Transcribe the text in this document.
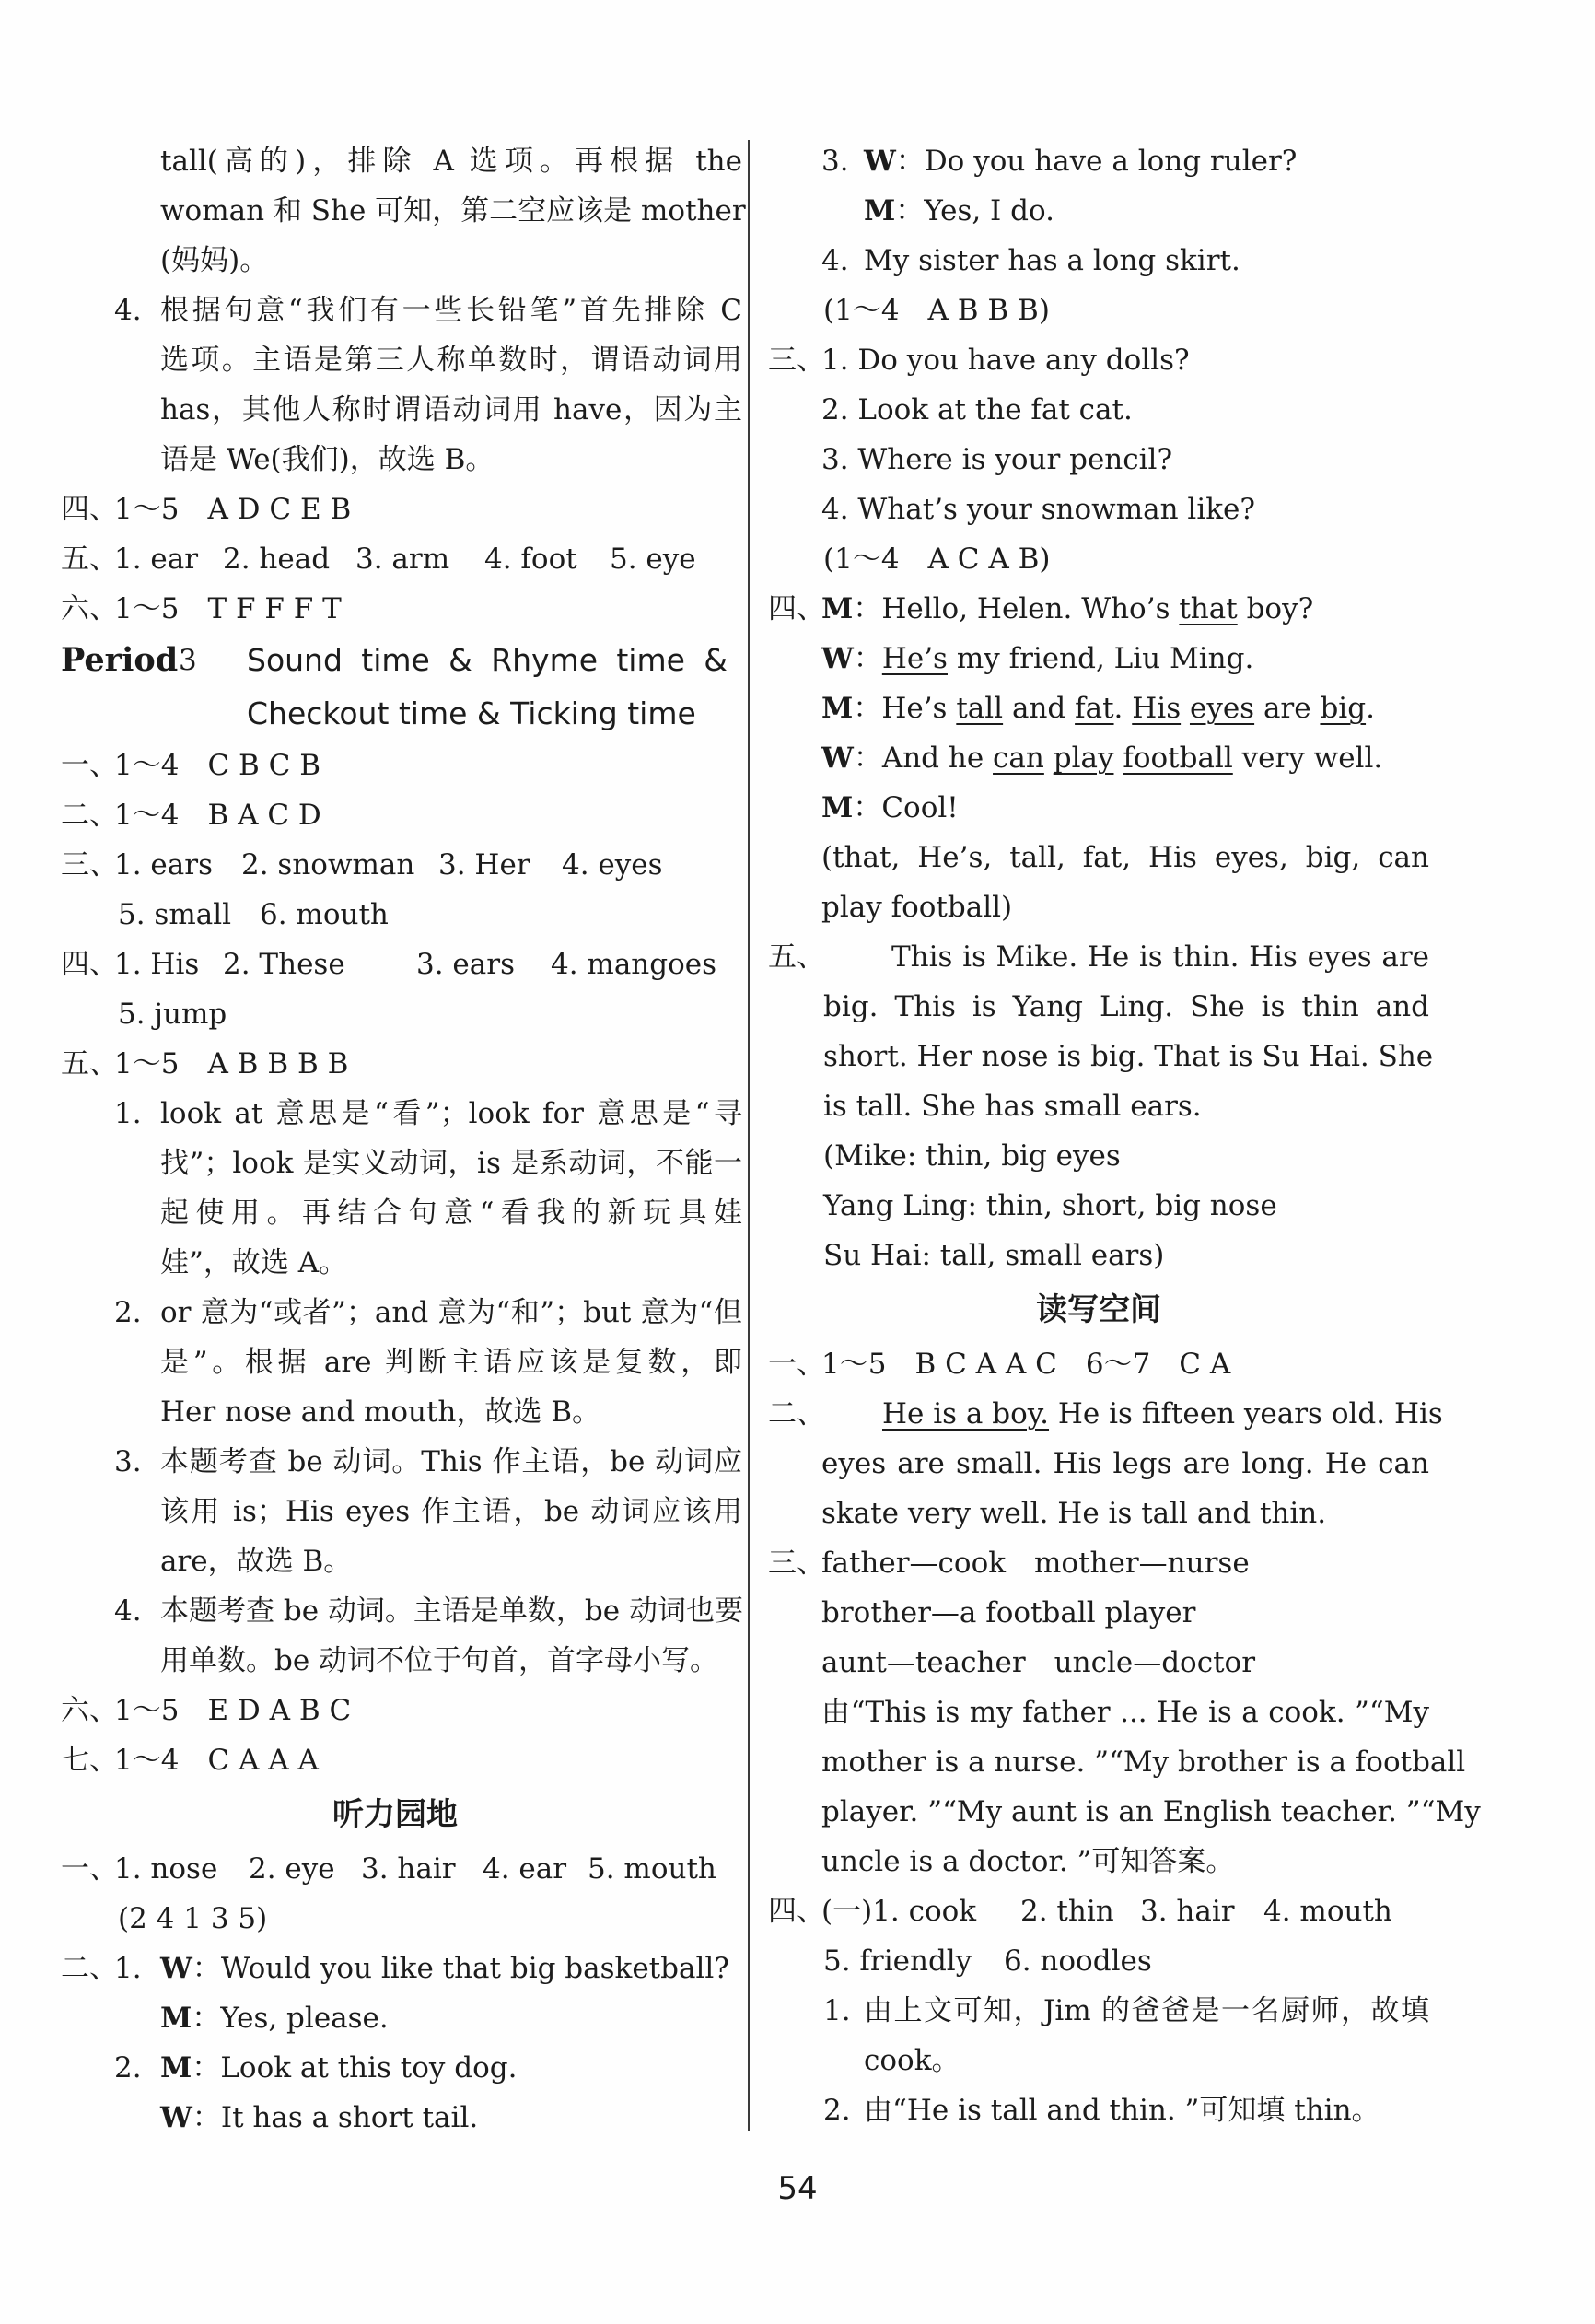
tall(高的)，排除 A 选项。再根据 the
woman 和 She 可知，第二空应该是 mother
(妈妈)。
4. 根据句意“我们有一些长铅笔”首先排除 C
选项。主语是第三人称单数时，谓语动词用
has，其他人称时谓语动词用 have，因为主
语是 We(我们)，故选 B。
四、
1～5　A D C E B
五、

1. ear

2. head

3. arm

4. foot

5. eye

六、
1～5　T F F F T

Period

3

Sound time & Rhyme time &

Checkout time & Ticking time
一、
1～4　C B C B
二、
1～4　B A C D
三、

1. ears

2. snowman

3. Her

4. eyes

5. small

6. mouth

四、

1. His

2. These

3. ears

4. mangoes

5. jump
五、
1～5　A B B B B
1. look at 意思是“看”；look for 意思是“寻
找”；look 是实义动词，is 是系动词，不能一
起使用。再结合句意“看我的新玩具娃
娃”，故选 A。
2. or 意为“或者”；and 意为“和”；but 意为“但
是”。根据 are 判断主语应该是复数，即
Her nose and mouth，故选 B。
3. 本题考查 be 动词。This 作主语，be 动词应
该用 is；His eyes 作主语，be 动词应该用
are，故选 B。
4. 本题考查 be 动词。主语是单数，be 动词也要
用单数。be 动词不位于句首，首字母小写。
六、
1～5　E D A B C
七、
1～4　C A A A
听力园地
一、

1. nose

2. eye

3. hair

4. ear

5. mouth

(2 4 1 3 5)
二、

1.

W：Would you like that big basketball?

M：Yes, please.
2.

M：Look at this toy dog.

W：It has a short tail.
3.

W：Do you have a long ruler?

M：Yes, I do.
4. My sister has a long skirt.
(1～4　A B B B)
三、
1. Do you have any dolls?
2. Look at the fat cat.
3. Where is your pencil?
4. What’s your snowman like?
(1～4　A C A B)
四、

M：Hello, Helen. Who’s that boy?

W：He’s my friend, Liu Ming.
M：He’s tall and fat. His eyes are big.
W：And he can play football very well.
M：Cool!
(that, He’s, tall, fat, His eyes, big, can
play football)
五、 This is Mike. He is thin. His eyes are
big. This is Yang Ling. She is thin and
short. Her nose is big. That is Su Hai. She
is tall. She has small ears.
(Mike: thin, big eyes
Yang Ling: thin, short, big nose
Su Hai: tall, small ears)
读写空间
一、
1～5　B C A A C　6～7　C A
二、

He is a boy. He is fifteen years old. His

eyes are small. His legs are long. He can
skate very well. He is tall and thin.
三、
father—cook　mother—nurse
brother—a football player
aunt—teacher　uncle—doctor
由“This is my father ... He is a cook. ”“My
mother is a nurse. ”“My brother is a football
player. ”“My aunt is an English teacher. ”“My
uncle is a doctor. ”可知答案。
四、

(一)1. cook

2. thin

3. hair

4. mouth

5. friendly

6. noodles

1. 由上文可知，Jim 的爸爸是一名厨师，故填
cook。
2. 由“He is tall and thin. ”可知填 thin。
54
